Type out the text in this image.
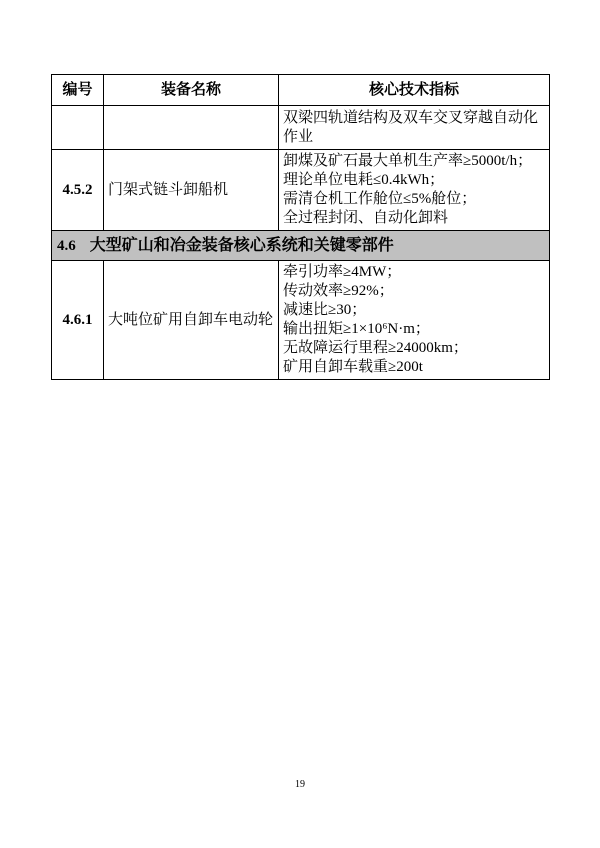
编号	装备名称	核心技术指标

		双梁四轨道结构及双车交叉穿越自动化作业

4.5.2	门架式链斗卸船机	卸煤及矿石最大单机生产率≥5000t/h；
理论单位电耗≤0.4kWh；
需清仓机工作舱位≤5%舱位；
全过程封闭、自动化卸料

4.6 大型矿山和冶金装备核心系统和关键零部件		
4.6.1	大吨位矿用自卸车电动轮	
牵引功率≥4MW；
传动效率≥92%；
减速比≥30；
输出扭矩≥1×10⁶N·m；
无故障运行里程≥24000km；
矿用自卸车载重≥200t
19
